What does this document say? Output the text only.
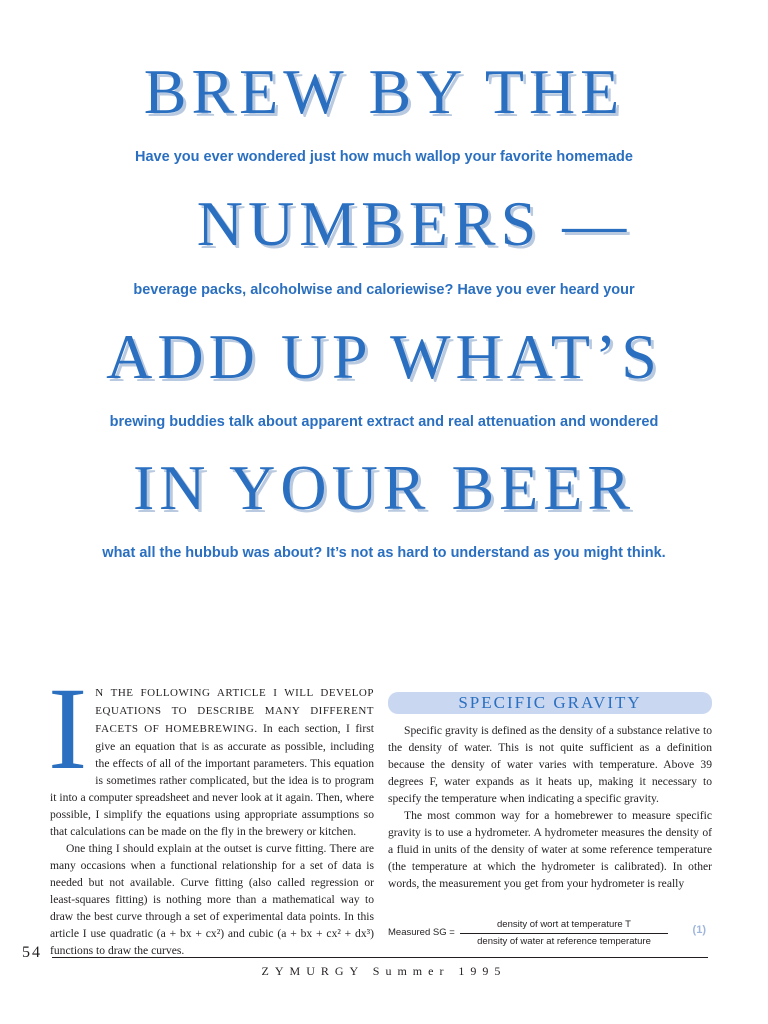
BREW BY THE
Have you ever wondered just how much wallop your favorite homemade
NUMBERS —
beverage packs, alcoholwise and caloriewise? Have you ever heard your
ADD UP WHAT’S
brewing buddies talk about apparent extract and real attenuation and wondered
IN YOUR BEER
what all the hubbub was about? It’s not as hard to understand as you might think.
I N THE FOLLOWING ARTICLE I WILL DEVELOP EQUATIONS TO DESCRIBE MANY DIFFERENT FACETS OF HOMEBREWING. In each section, I first give an equation that is as accurate as possible, including the effects of all of the important parameters. This equation is sometimes rather complicated, but the idea is to program it into a computer spreadsheet and never look at it again. Then, where possible, I simplify the equations using appropriate assumptions so that calculations can be made on the fly in the brewery or kitchen.

One thing I should explain at the outset is curve fitting. There are many occasions when a functional relationship for a set of data is needed but not available. Curve fitting (also called regression or least-squares fitting) is nothing more than a mathematical way to draw the best curve through a set of experimental data points. In this article I use quadratic (a + bx + cx²) and cubic (a + bx + cx² + dx³) functions to draw the curves.

SPECIFIC GRAVITY

Specific gravity is defined as the density of a substance relative to the density of water. This is not quite sufficient as a definition because the density of water varies with temperature. Above 39 degrees F, water expands as it heats up, making it necessary to specify the temperature when indicating a specific gravity.

The most common way for a homebrewer to measure specific gravity is to use a hydrometer. A hydrometer measures the density of a fluid in units of the density of water at some reference temperature (the temperature at which the hydrometer is calibrated). In other words, the measurement you get from your hydrometer is really

Measured SG =
density of wort at temperature T
density of water at reference temperature
(1)
54
ZYMURGY Summer 1995
